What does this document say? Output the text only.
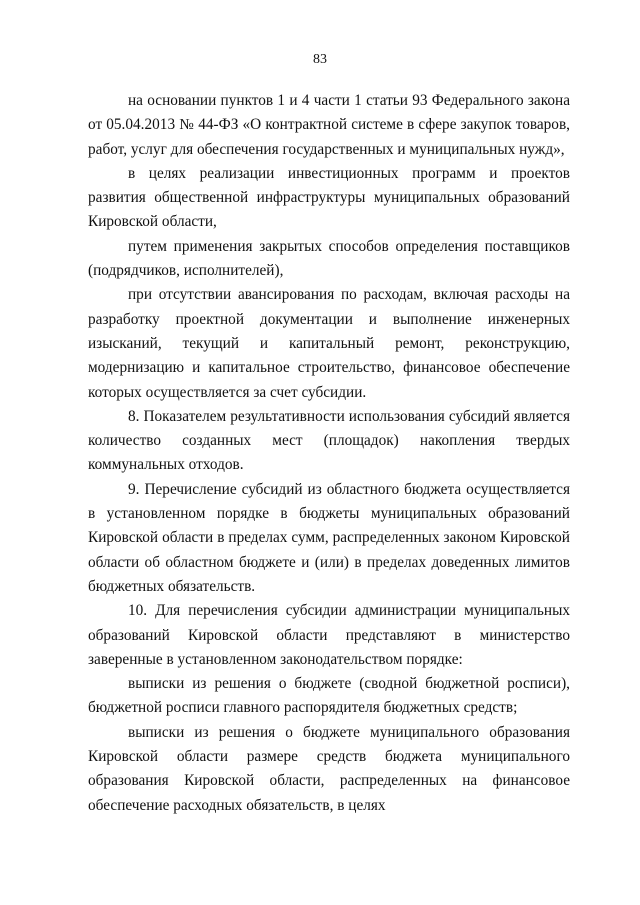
83

на основании пунктов 1 и 4 части 1 статьи 93 Федерального закона от 05.04.2013 № 44-ФЗ «О контрактной системе в сфере закупок товаров, работ, услуг для обеспечения государственных и муниципальных нужд»,

в целях реализации инвестиционных программ и проектов развития общественной инфраструктуры муниципальных образований Кировской области,

путем применения закрытых способов определения поставщиков (подрядчиков, исполнителей),

при отсутствии авансирования по расходам, включая расходы на разработку проектной документации и выполнение инженерных изысканий, текущий и капитальный ремонт, реконструкцию, модернизацию и капитальное строительство, финансовое обеспечение которых осуществляется за счет субсидии.

8. Показателем результативности использования субсидий является количество созданных мест (площадок) накопления твердых коммунальных отходов.

9. Перечисление субсидий из областного бюджета осуществляется в установленном порядке в бюджеты муниципальных образований Кировской области в пределах сумм, распределенных законом Кировской области об областном бюджете и (или) в пределах доведенных лимитов бюджетных обязательств.

10. Для перечисления субсидии администрации муниципальных образований Кировской области представляют в министерство заверенные в установленном законодательством порядке:

выписки из решения о бюджете (сводной бюджетной росписи), бюджетной росписи главного распорядителя бюджетных средств;

выписки из решения о бюджете муниципального образования Кировской области размере средств бюджета муниципального образования Кировской области, распределенных на финансовое обеспечение расходных обязательств, в целях
